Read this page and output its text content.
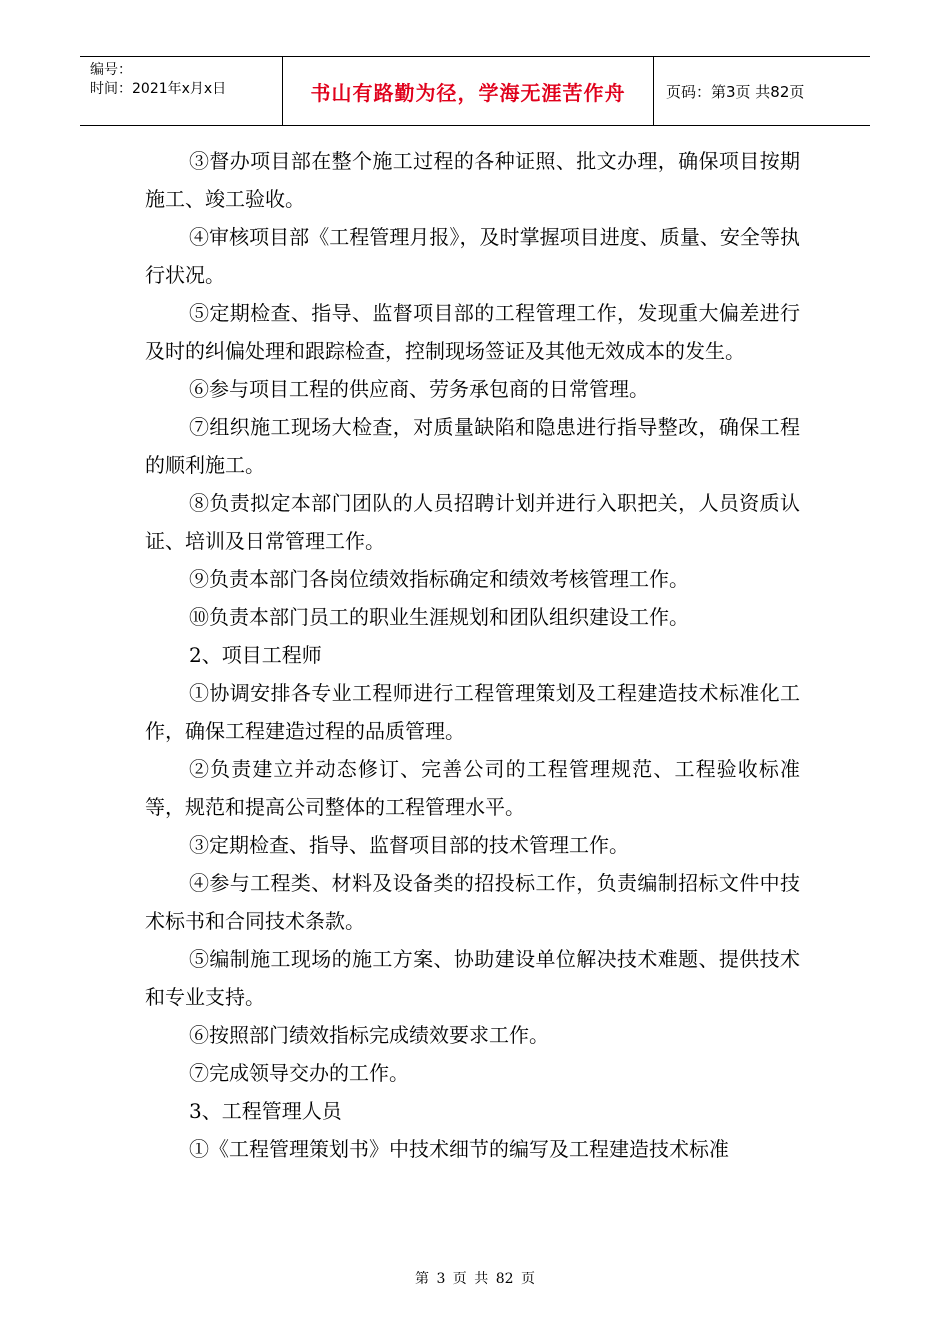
编号：
时间：2021年x月x日	书山有路勤为径，学海无涯苦作舟	页码：第3页 共82页

③督办项目部在整个施工过程的各种证照、批文办理，确保项目按期施工、竣工验收。

④审核项目部《工程管理月报》，及时掌握项目进度、质量、安全等执行状况。

⑤定期检查、指导、监督项目部的工程管理工作，发现重大偏差进行及时的纠偏处理和跟踪检查，控制现场签证及其他无效成本的发生。

⑥参与项目工程的供应商、劳务承包商的日常管理。

⑦组织施工现场大检查，对质量缺陷和隐患进行指导整改，确保工程的顺利施工。

⑧负责拟定本部门团队的人员招聘计划并进行入职把关，人员资质认证、培训及日常管理工作。

⑨负责本部门各岗位绩效指标确定和绩效考核管理工作。

⑩负责本部门员工的职业生涯规划和团队组织建设工作。

2、项目工程师

①协调安排各专业工程师进行工程管理策划及工程建造技术标准化工作，确保工程建造过程的品质管理。

②负责建立并动态修订、完善公司的工程管理规范、工程验收标准等，规范和提高公司整体的工程管理水平。

③定期检查、指导、监督项目部的技术管理工作。

④参与工程类、材料及设备类的招投标工作，负责编制招标文件中技术标书和合同技术条款。

⑤编制施工现场的施工方案、协助建设单位解决技术难题、提供技术和专业支持。

⑥按照部门绩效指标完成绩效要求工作。

⑦完成领导交办的工作。

3、工程管理人员

①《工程管理策划书》中技术细节的编写及工程建造技术标准

第 3 页 共 82 页
